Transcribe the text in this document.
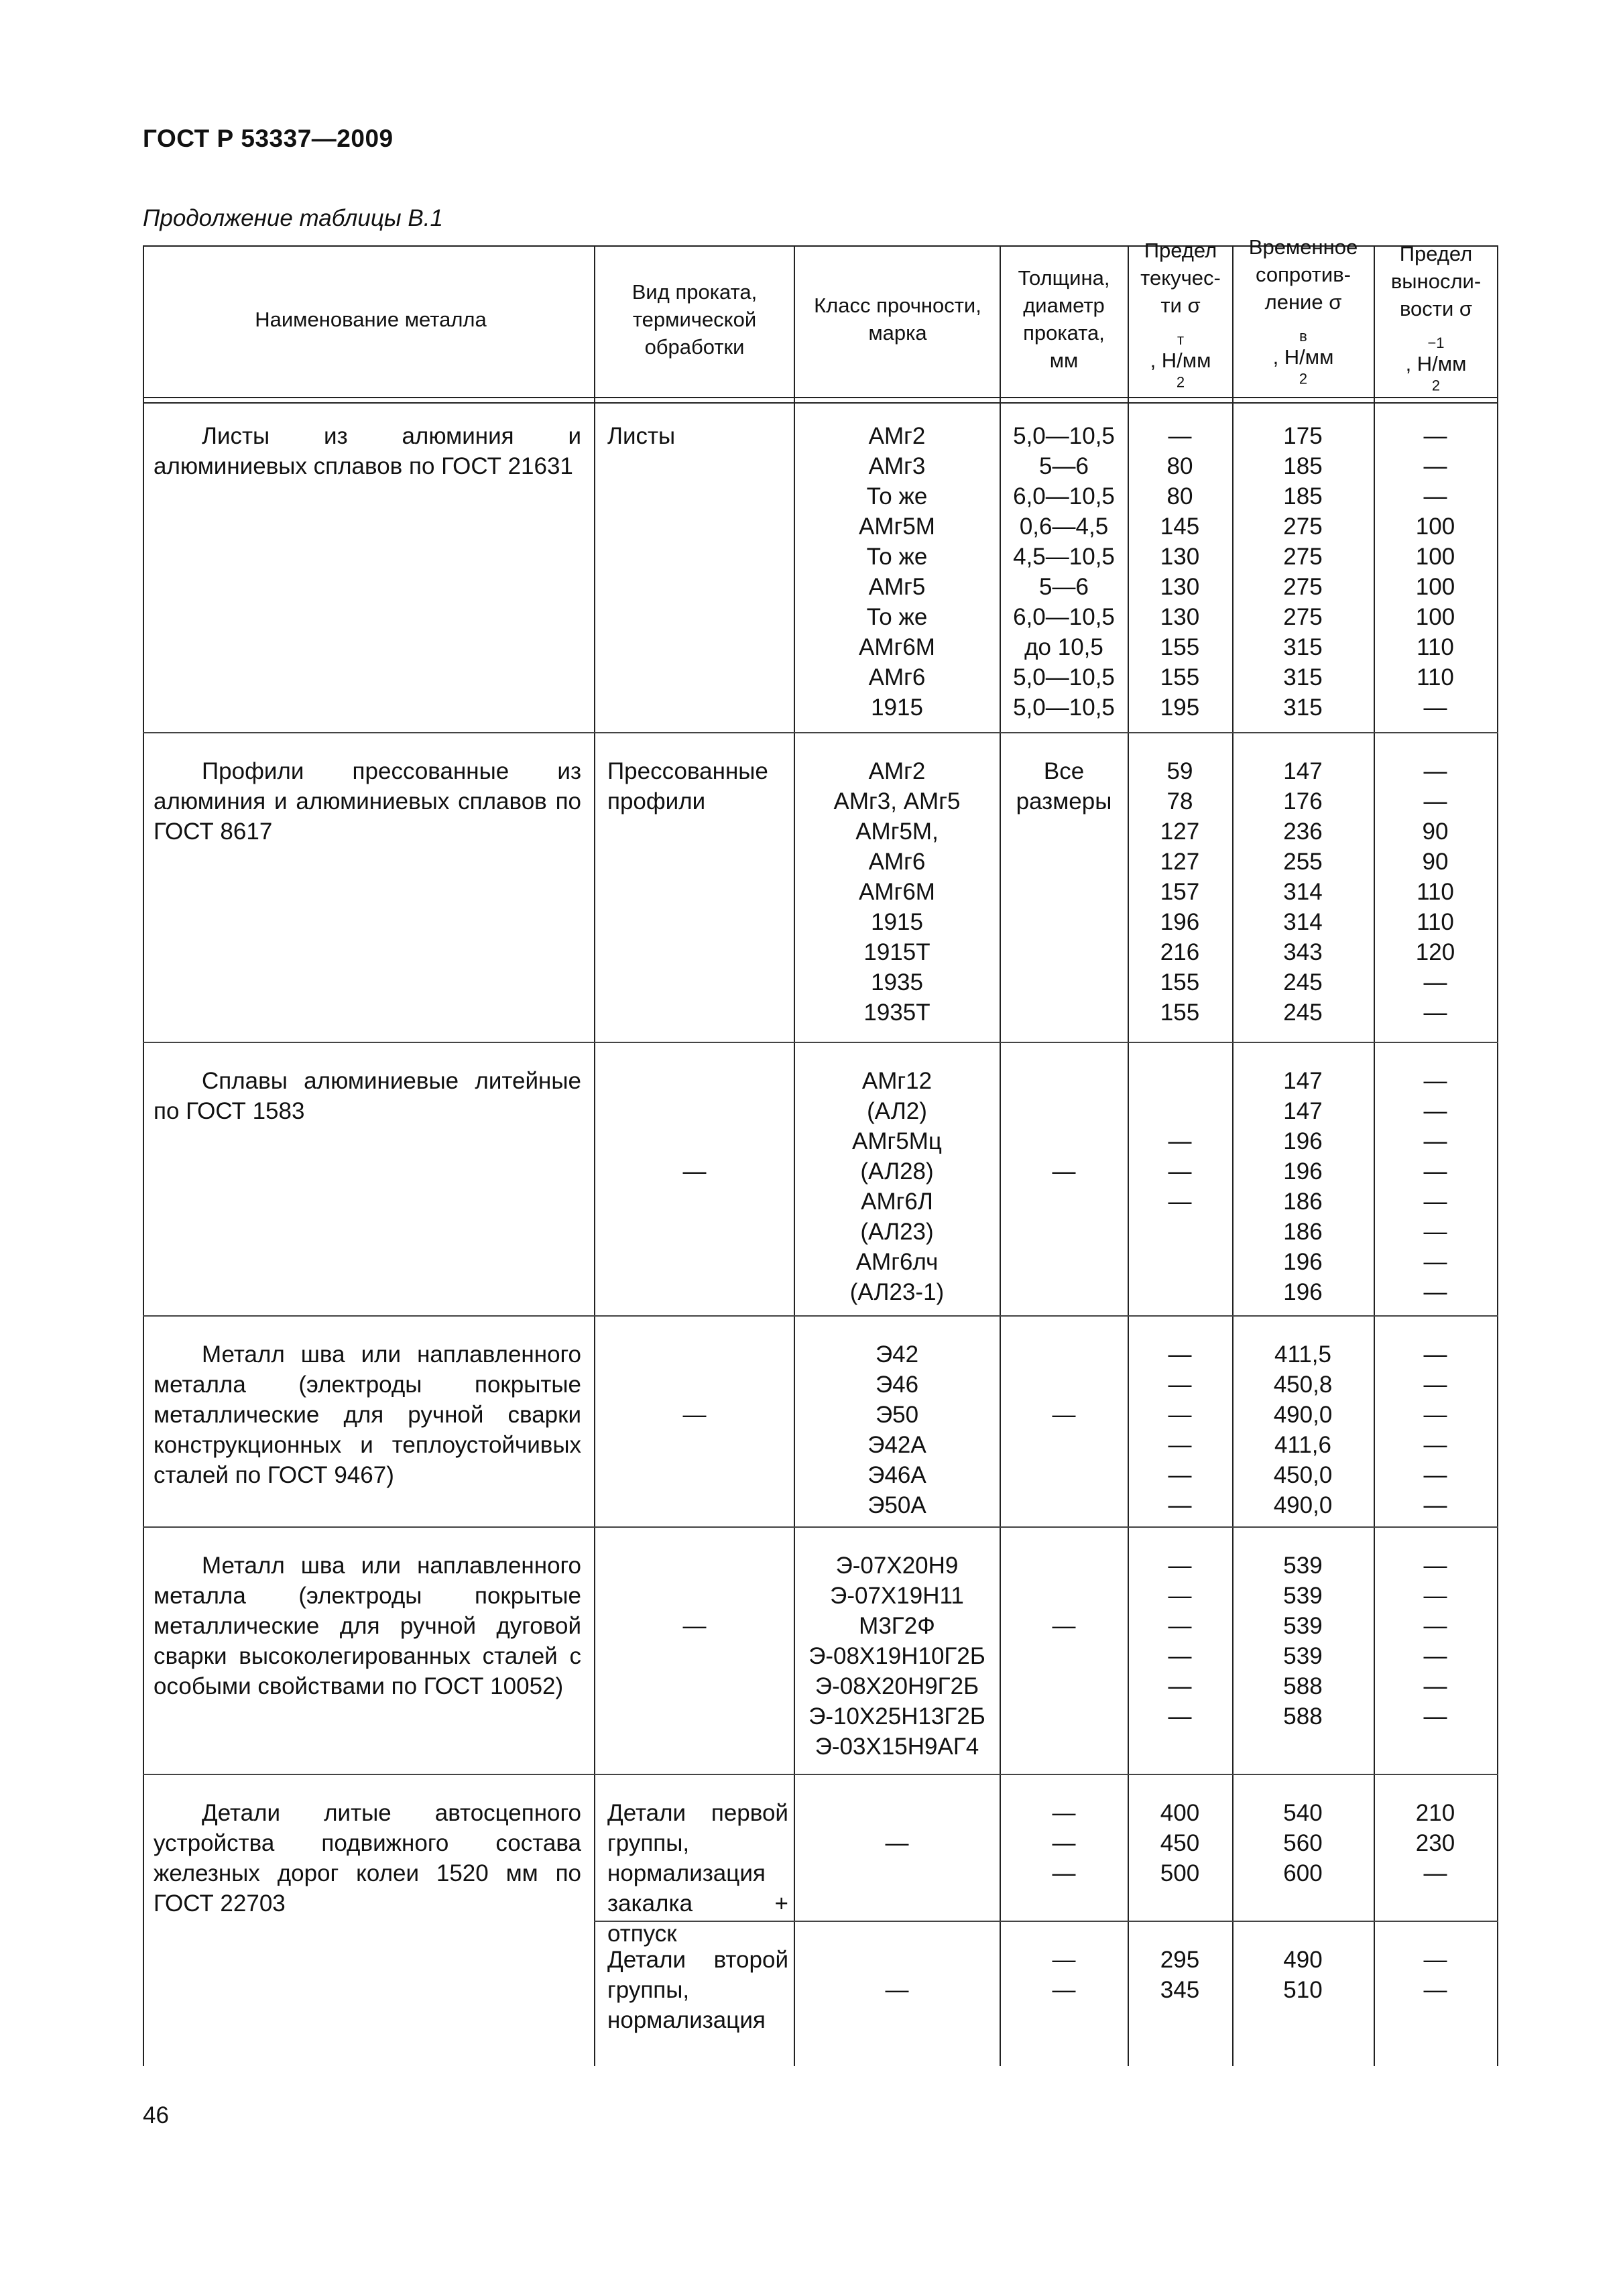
ГОСТ Р 53337—2009
Продолжение таблицы В.1
Наименование металла
Вид проката, термической обработки
Класс прочности, марка
Толщина, диаметр проката, мм
Предел текучес-ти σ
$_т$
, Н/мм
$^2$
Временное сопротив-ление σ
$_в$
, Н/мм
$^2$
Предел выносли-вости σ
$_{-1}$
, Н/мм
$^2$
Листы из алюминия и алюминиевых сплавов по ГОСТ 21631
Листы	АМг2
АМг3
То же
АМг5М
То же
АМг5
То же
АМг6М
АМг6
1915
5,0—10,5
5—6
6,0—10,5
0,6—4,5
4,5—10,5
5—6
6,0—10,5
до 10,5
5,0—10,5
5,0—10,5
—
80
80
145
130
130
130
155
155
195
175
185
185
275
275
275
275
315
315
315
—
—
—
100
100
100
100
110
110
—
Профили прессованные из алюминия и алюминиевых сплавов по ГОСТ 8617
Прессованные профили
АМг2
АМг3, АМг5
АМг5М,
АМг6
АМг6М
1915
1915Т
1935
1935Т
Все размеры
59
78
127
127
157
196
216
155
155
147
176
236
255
314
314
343
245
245
—
—
90
90
110
110
120
—
—
Сплавы алюминиевые литейные по ГОСТ 1583
—
АМг12
(АЛ2)
АМг5Мц
(АЛ28)
АМг6Л
(АЛ23)
АМг6лч
(АЛ23-1)
—
—
—
—
147
147
196
196
186
186
196
196
—
—
—
—
—
—
—
—
Металл шва или наплавленного металла (электроды покрытые металлические для ручной сварки конструкционных и теплоустойчивых сталей по ГОСТ 9467)
—
Э42
Э46
Э50
Э42А
Э46А
Э50А
—
—
—
—
—
—
—
411,5
450,8
490,0
411,6
450,0
490,0
—
—
—
—
—
—
Металл шва или наплавленного металла (электроды покрытые металлические для ручной дуговой сварки высоколегированных сталей с особыми свойствами по ГОСТ 10052)
—
Э-07Х20Н9
Э-07Х19Н11
М3Г2Ф
Э-08Х19Н10Г2Б
Э-08Х20Н9Г2Б
Э-10Х25Н13Г2Б
Э-03Х15Н9АГ4
—
—
—
—
—
—
—
539
539
539
539
588
588
—
—
—
—
—
—
Детали литые автосцепного устройства подвижного состава железных дорог колеи 1520 мм по ГОСТ 22703
Детали первой группы, нормализация закалка + отпуск
—
—
—
—
400
450
500
540
560
600
210
230
—
Детали второй группы, нормализация
—
—
—
295
345
490
510
—
—
46
